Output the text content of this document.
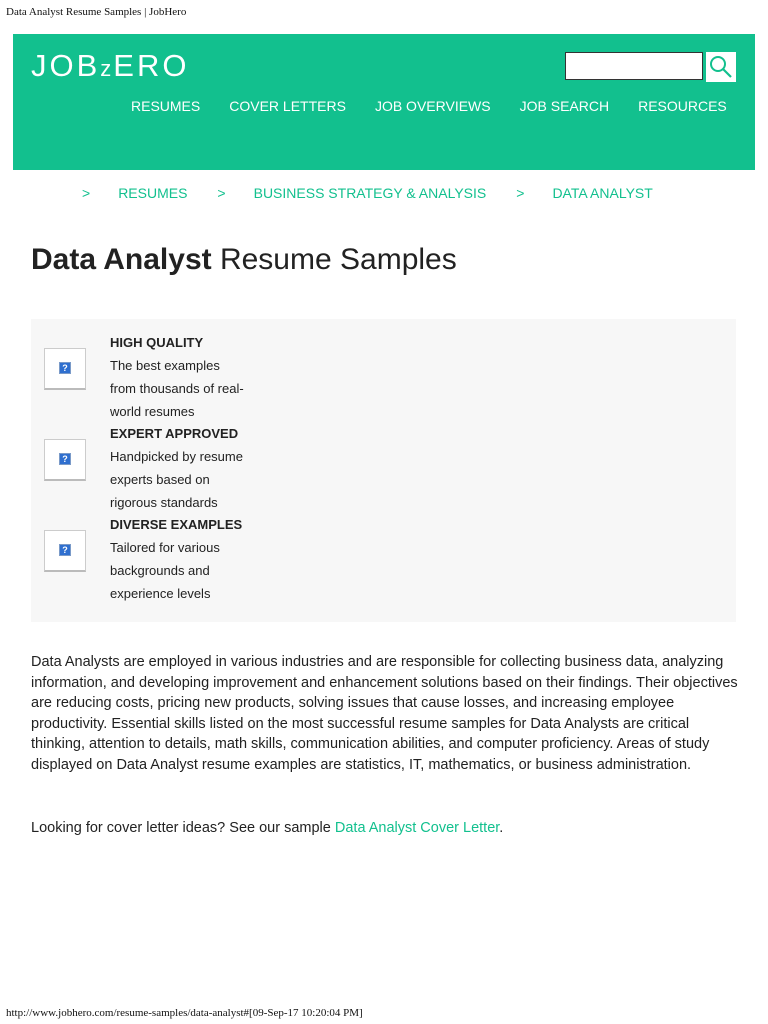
Data Analyst Resume Samples | JobHero
JOBzERO
RESUMES COVER LETTERS JOB OVERVIEWS JOB SEARCH RESOURCES
> RESUMES > BUSINESS STRATEGY & ANALYSIS > DATA ANALYST
Data Analyst Resume Samples
?
HIGH QUALITY
The best examples
from thousands of real-
world resumes
?
EXPERT APPROVED
Handpicked by resume
experts based on
rigorous standards
?
DIVERSE EXAMPLES
Tailored for various
backgrounds and
experience levels

Data Analysts are employed in various industries and are responsible for collecting business data, analyzing information, and developing improvement and enhancement solutions based on their findings. Their objectives are reducing costs, pricing new products, solving issues that cause losses, and increasing employee productivity. Essential skills listed on the most successful resume samples for Data Analysts are critical thinking, attention to details, math skills, communication abilities, and computer proficiency. Areas of study displayed on Data Analyst resume examples are statistics, IT, mathematics, or business administration.

Looking for cover letter ideas? See our sample Data Analyst Cover Letter.

http://www.jobhero.com/resume-samples/data-analyst#[09-Sep-17 10:20:04 PM]
